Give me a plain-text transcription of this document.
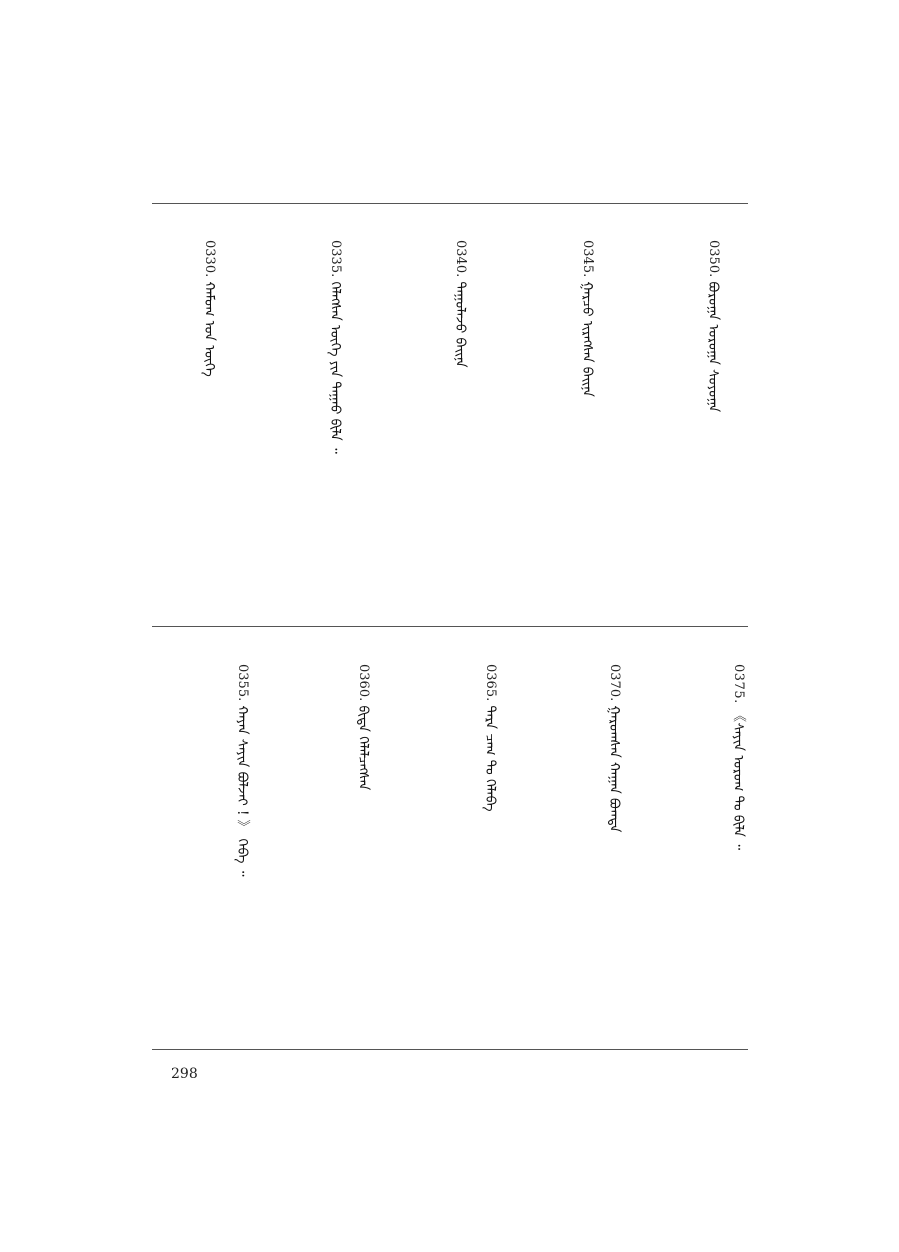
0330. ᠬᠠᠮᠤᠭ ᠤᠨ ᠦᠭᠡ
0335. ᠬᠡᠯᠡᠭᠰᠡᠨ ᠦᠭᠡ ᠶᠢᠨ ᠳᠠᠭᠠᠤ ᠪᠢᠯᠡ ᠃
0340. ᠲᠠᠭᠤᠯᠠᠵᠤ ᠪᠠᠢ᠌ᠨᠠ
0345. ᠭᠠᠷᠴᠤ ᠢᠷᠡᠭᠰᠡᠨ ᠪᠠᠢ᠌ᠨᠠ
0350. ᠪᠣᠷᠤᠭᠠ ᠣᠷᠣᠭᠠ ᠰᠣᠶᠤᠭᠠ
0355. ᠬᠠᠶᠠᠨ ᠰᠠᠶᠢᠨ ᠪᠤᠯᠵᠠᠢ ! 》 ᠭᠡᠪᠡ ᠃
0360. ᠪᠢᠳᠡ ᠬᠡᠯᠡᠯᠴᠡᠭᠰᠡᠨ
0365. ᠲᠡᠷᠡ ᠴᠠᠭ ᠲᠤ ᠬᠡᠯᠡᠪᠡ
0370. ᠭᠠᠷᠤᠭᠰᠠᠨ ᠬᠠᠭᠠᠨ ᠪᠣᠭᠳᠠ
0375. 《ᠰᠠᠶᠢᠨ ᠤᠷᠤᠭ ᠲᠤ ᠪᠢᠯᠡ ᠃
298
